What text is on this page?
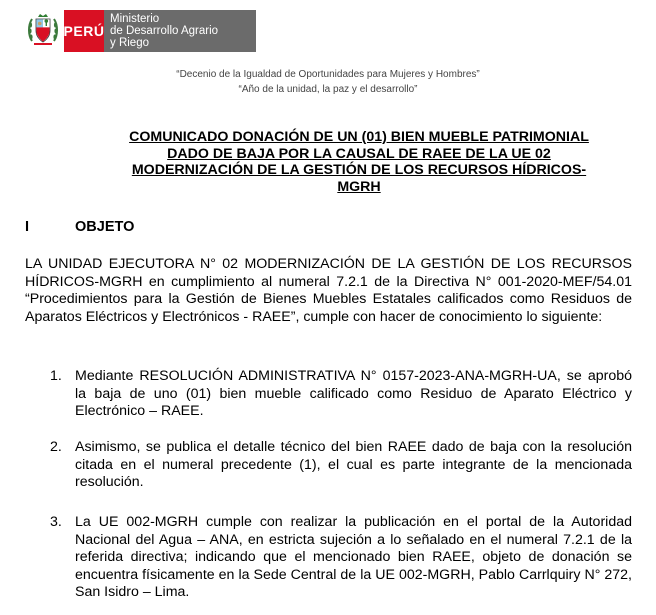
PERÚ
Ministerio
de Desarrollo Agrario
y Riego
“Decenio de la Igualdad de Oportunidades para Mujeres y Hombres”
“Año de la unidad, la paz y el desarrollo”
COMUNICADO DONACIÓN DE UN (01) BIEN MUEBLE PATRIMONIAL
DADO DE BAJA POR LA CAUSAL DE RAEE DE LA UE 02
MODERNIZACIÓN DE LA GESTIÓN DE LOS RECURSOS HÍDRICOS-
MGRH
I	OBJETO
LA UNIDAD EJECUTORA N° 02 MODERNIZACIÓN DE LA GESTIÓN DE LOS RECURSOS HÍDRICOS-MGRH en cumplimiento al numeral 7.2.1 de la Directiva N° 001-2020-MEF/54.01 “Procedimientos para la Gestión de Bienes Muebles Estatales calificados como Residuos de Aparatos Eléctricos y Electrónicos - RAEE”, cumple con hacer de conocimiento lo siguiente:
1. Mediante RESOLUCIÓN ADMINISTRATIVA N° 0157-2023-ANA-MGRH-UA, se aprobó la baja de uno (01) bien mueble calificado como Residuo de Aparato Eléctrico y Electrónico – RAEE.
2. Asimismo, se publica el detalle técnico del bien RAEE dado de baja con la resolución citada en el numeral precedente (1), el cual es parte integrante de la mencionada resolución.
3. La UE 002-MGRH cumple con realizar la publicación en el portal de la Autoridad Nacional del Agua – ANA, en estricta sujeción a lo señalado en el numeral 7.2.1 de la referida directiva; indicando que el mencionado bien RAEE, objeto de donación se encuentra físicamente en la Sede Central de la UE 002-MGRH, Pablo Carrlquiry N° 272, San Isidro – Lima.
